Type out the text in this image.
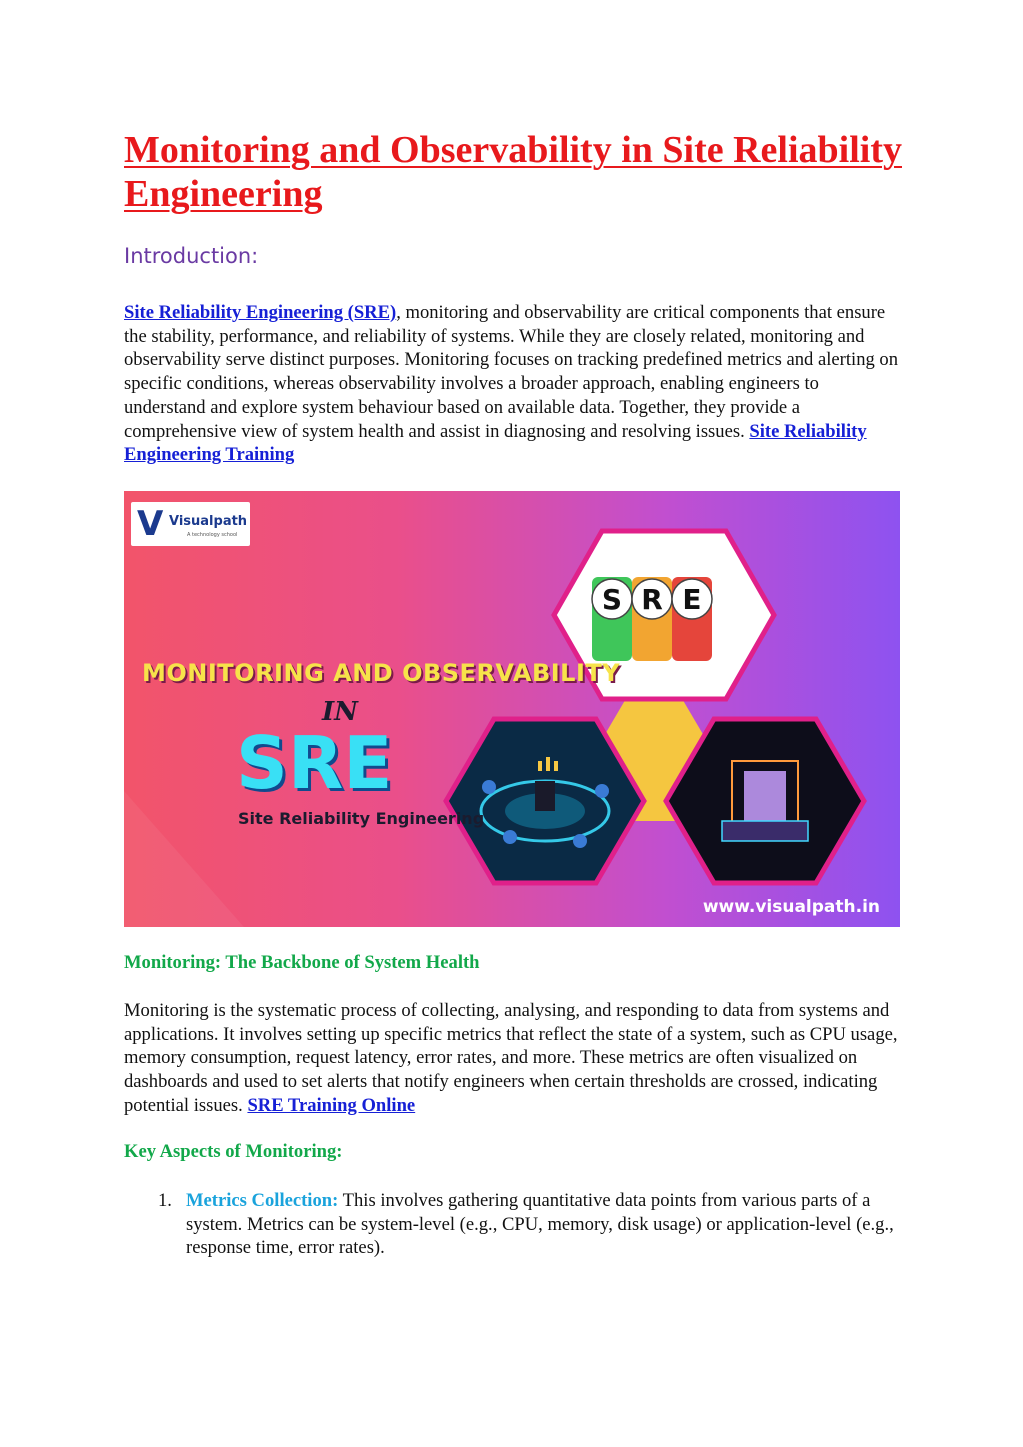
Monitoring and Observability in Site Reliability Engineering
Introduction:

Site Reliability Engineering (SRE), monitoring and observability are critical components that ensure the stability, performance, and reliability of systems. While they are closely related, monitoring and observability serve distinct purposes. Monitoring focuses on tracking predefined metrics and alerting on specific conditions, whereas observability involves a broader approach, enabling engineers to understand and explore system behaviour based on available data. Together, they provide a comprehensive view of system health and assist in diagnosing and resolving issues. Site Reliability Engineering Training

S R E
V Visualpath
A technology school
MONITORING AND OBSERVABILITY
IN
SRE
Site Reliability Engineering
www.visualpath.in
Monitoring: The Backbone of System Health

Monitoring is the systematic process of collecting, analysing, and responding to data from systems and applications. It involves setting up specific metrics that reflect the state of a system, such as CPU usage, memory consumption, request latency, error rates, and more. These metrics are often visualized on dashboards and used to set alerts that notify engineers when certain thresholds are crossed, indicating potential issues. SRE Training Online

Key Aspects of Monitoring:
1. Metrics Collection: This involves gathering quantitative data points from various parts of a system. Metrics can be system-level (e.g., CPU, memory, disk usage) or application-level (e.g., response time, error rates).
